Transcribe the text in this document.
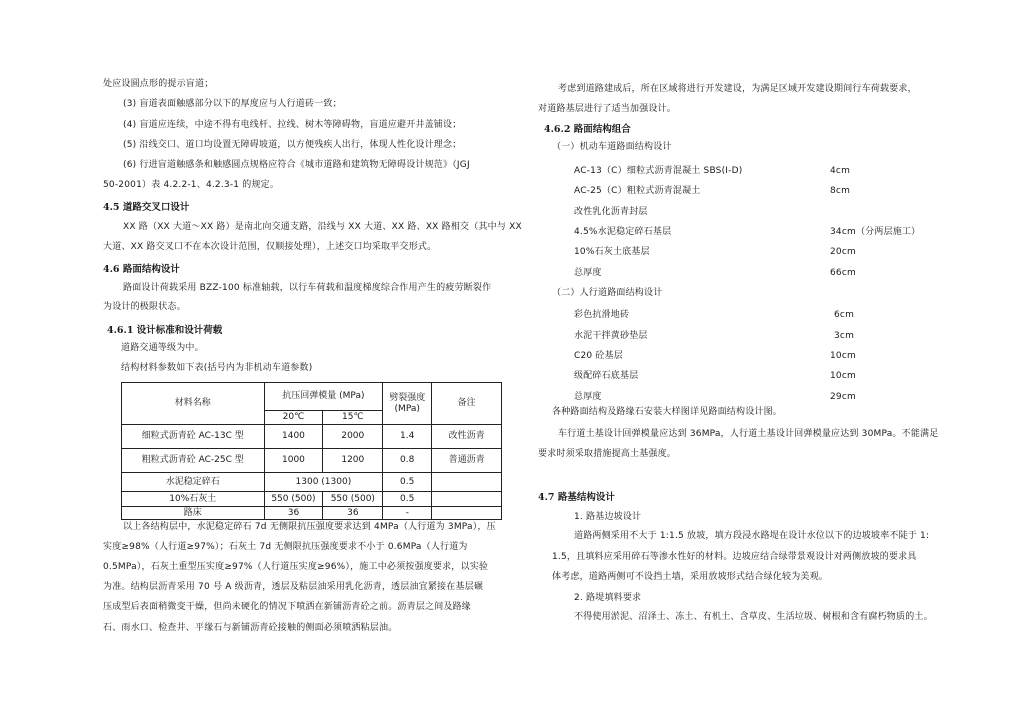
处应设圆点形的提示盲道；
(3) 盲道表面触感部分以下的厚度应与人行道砖一致；
(4) 盲道应连续，中途不得有电线杆、拉线、树木等障碍物，盲道应避开井盖铺设；
(5) 沿线交口、道口均设置无障碍坡道，以方便残疾人出行，体现人性化设计理念；
(6) 行进盲道触感条和触感圆点规格应符合《城市道路和建筑物无障碍设计规范》（JGJ
50-2001）表 4.2.2-1、4.2.3-1 的规定。
4.5 道路交叉口设计
XX 路（XX 大道～XX 路）是南北向交通支路，沿线与 XX 大道、XX 路、XX 路相交（其中与 XX
大道、XX 路交叉口不在本次设计范围，仅顺接处理），上述交口均采取平交形式。
4.6 路面结构设计
路面设计荷载采用 BZZ-100 标准轴载，以行车荷载和温度梯度综合作用产生的疲劳断裂作
为设计的极限状态。
4.6.1 设计标准和设计荷载
道路交通等级为中。
结构材料参数如下表(括号内为非机动车道参数)
材料名称	抗压回弹模量 (MPa)		劈裂强度 (MPa)	备注
	20℃	15℃		
细粒式沥青砼 AC-13C 型	1400	2000	1.4	改性沥青
粗粒式沥青砼 AC-25C 型	1000	1200	0.8	普通沥青
水泥稳定碎石	1300 (1300)		0.5	
10%石灰土	550 (500)	550 (500)	0.5	
路床	36	36	-	
以上各结构层中，水泥稳定碎石 7d 无侧限抗压强度要求达到 4MPa（人行道为 3MPa），压
实度≥98%（人行道≥97%）；石灰土 7d 无侧限抗压强度要求不小于 0.6MPa（人行道为
0.5MPa），石灰土重型压实度≥97%（人行道压实度≥96%），施工中必须按强度要求，以实验
为准。结构层沥青采用 70 号 A 级沥青，透层及粘层油采用乳化沥青，透层油宜紧接在基层碾
压成型后表面稍微变干燥，但尚未硬化的情况下喷洒在新铺沥青砼之前。沥青层之间及路缘
石、雨水口、检查井、平缘石与新铺沥青砼接触的侧面必须喷洒粘层油。
考虑到道路建成后，所在区域将进行开发建设，为满足区域开发建设期间行车荷载要求，
对道路基层进行了适当加强设计。
4.6.2 路面结构组合
（一）机动车道路面结构设计
AC-13（C）细粒式沥青混凝土 SBS(I-D)	4cm
AC-25（C）粗粒式沥青混凝土	8cm
改性乳化沥青封层
4.5%水泥稳定碎石基层	34cm（分两层施工）
10%石灰土底基层	20cm
总厚度	66cm
（二）人行道路面结构设计
彩色抗滑地砖	6cm
水泥干拌黄砂垫层	3cm
C20 砼基层	10cm
级配碎石底基层	10cm
总厚度	29cm
各种路面结构及路缘石安装大样图详见路面结构设计图。
车行道土基设计回弹模量应达到 36MPa，人行道土基设计回弹模量应达到 30MPa。不能满足
要求时须采取措施提高土基强度。
4.7 路基结构设计
1. 路基边坡设计
道路两侧采用不大于 1:1.5 放坡，填方段浸水路堤在设计水位以下的边坡坡率不陡于 1:
1.5，且填料应采用碎石等渗水性好的材料。边坡应结合绿带景观设计对两侧放坡的要求具
体考虑，道路两侧可不设挡土墙，采用放坡形式结合绿化较为美观。
2. 路堤填料要求
不得使用淤泥、沼泽土、冻土、有机土、含草皮、生活垃圾、树根和含有腐朽物质的土。
